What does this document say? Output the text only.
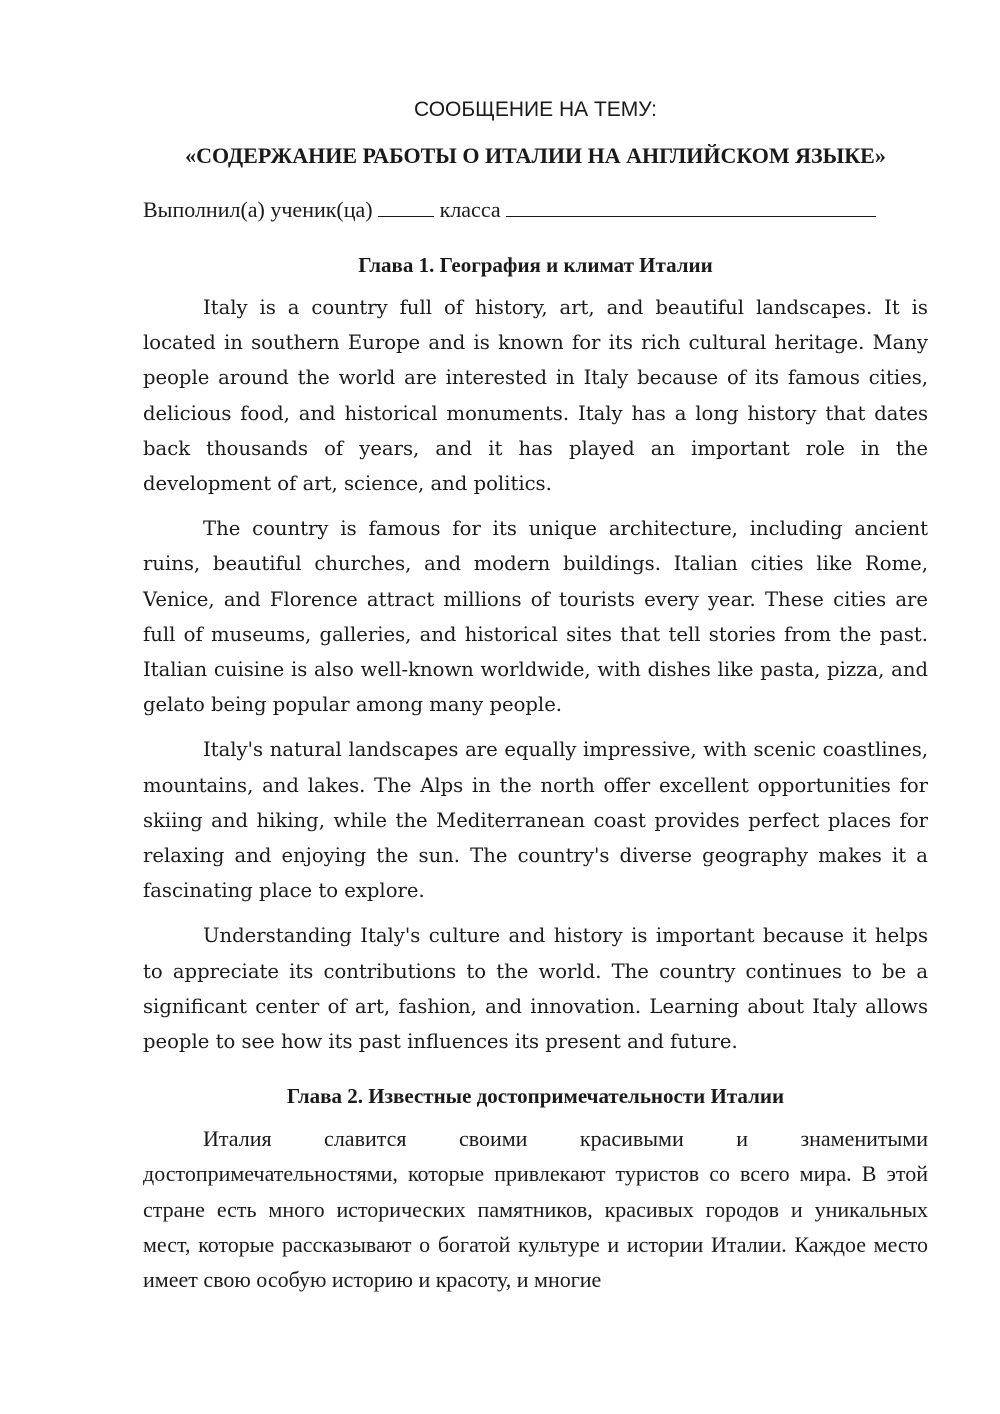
СООБЩЕНИЕ НА ТЕМУ:

«СОДЕРЖАНИЕ РАБОТЫ О ИТАЛИИ НА АНГЛИЙСКОМ ЯЗЫКЕ»

Выполнил(а) ученик(ца)	класса
Глава 1. География и климат Италии

Italy is a country full of history, art, and beautiful landscapes. It is located in southern Europe and is known for its rich cultural heritage. Many people around the world are interested in Italy because of its famous cities, delicious food, and historical monuments. Italy has a long history that dates back thousands of years, and it has played an important role in the development of art, science, and politics.

The country is famous for its unique architecture, including ancient ruins, beautiful churches, and modern buildings. Italian cities like Rome, Venice, and Florence attract millions of tourists every year. These cities are full of museums, galleries, and historical sites that tell stories from the past. Italian cuisine is also well-known worldwide, with dishes like pasta, pizza, and gelato being popular among many people.

Italy's natural landscapes are equally impressive, with scenic coastlines, mountains, and lakes. The Alps in the north offer excellent opportunities for skiing and hiking, while the Mediterranean coast provides perfect places for relaxing and enjoying the sun. The country's diverse geography makes it a fascinating place to explore.

Understanding Italy's culture and history is important because it helps to appreciate its contributions to the world. The country continues to be a significant center of art, fashion, and innovation. Learning about Italy allows people to see how its past influences its present and future.

Глава 2. Известные достопримечательности Италии

Италия славится своими красивыми и знаменитыми достопримечательностями, которые привлекают туристов со всего мира. В этой стране есть много исторических памятников, красивых городов и уникальных мест, которые рассказывают о богатой культуре и истории Италии. Каждое место имеет свою особую историю и красоту, и многие
